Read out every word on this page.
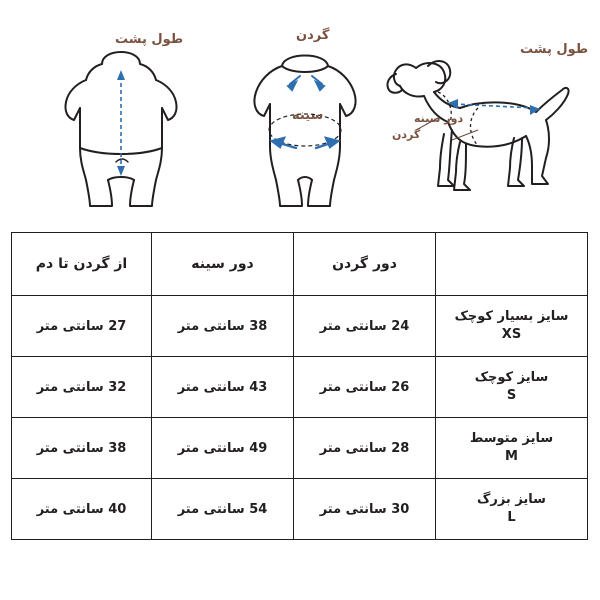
طول پشت	گردن
سینه
طول پشت
گردن
دور سینه
	دور گردن	دور سینه	از گردن تا دم

سایز بسیار کوچک
XS	24 سانتی متر	38 سانتی متر	27 سانتی متر

سایز کوچک
S	26 سانتی متر	43 سانتی متر	32 سانتی متر

سایز متوسط
M	28 سانتی متر	49 سانتی متر	38 سانتی متر

سایز بزرگ
L	30 سانتی متر	54 سانتی متر	40 سانتی متر
